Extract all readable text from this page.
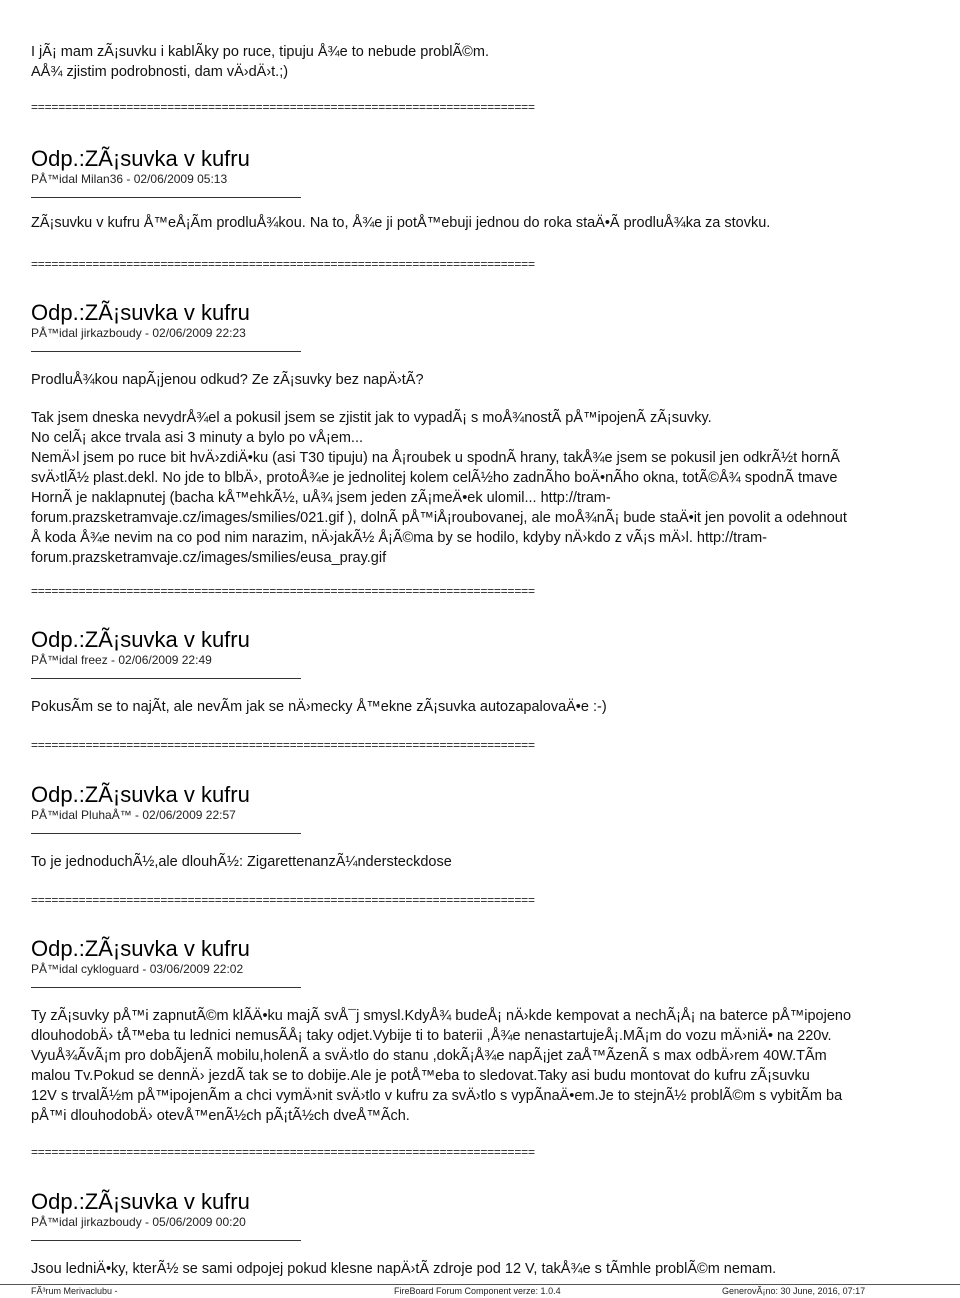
I jÃ¡ mam zÃ¡suvku i kablÃky po ruce, tipuju Å¾e to nebude problÃ©m.
AÅ¾ zjistim podrobnosti, dam vÄ›dÄ›t.;)
==========================================================================
Odp.:ZÃ¡suvka v kufru
PÅ™idal Milan36 - 02/06/2009 05:13
ZÃ¡suvku v kufru Å™eÅ¡Ãm prodluÅ¾kou. Na to, Å¾e ji potÅ™ebuji jednou do roka staÄ•Ã prodluÅ¾ka za stovku.
==========================================================================
Odp.:ZÃ¡suvka v kufru
PÅ™idal jirkazboudy - 02/06/2009 22:23
ProdluÅ¾kou napÃ¡jenou odkud? Ze zÃ¡suvky bez napÄ›tÃ?
Tak jsem dneska nevydrÅ¾el a pokusil jsem se zjistit jak to vypadÃ¡ s moÅ¾nostÃ pÅ™ipojenÃ zÃ¡suvky.
No celÃ¡ akce trvala asi 3 minuty a bylo po vÅ¡em...
NemÄ›l jsem po ruce bit hvÄ›zdiÄ•ku (asi T30 tipuju) na Å¡roubek u spodnÃ hrany, takÅ¾e jsem se pokusil jen odkrÃ½t hornÃ
svÄ›tlÃ½ plast.dekl. No jde to blbÄ›, protoÅ¾e je jednolitej kolem celÃ½ho zadnÃho boÄ•nÃho okna, totÃ©Å¾ spodnÃ tmave
HornÃ je naklapnutej (bacha kÅ™ehkÃ½, uÅ¾ jsem jeden zÃ¡meÄ•ek ulomil... http://tram-
forum.prazsketramvaje.cz/images/smilies/021.gif ), dolnÃ pÅ™iÅ¡roubovanej, ale moÅ¾nÃ¡ bude staÄ•it jen povolit a odehnout
Å koda Å¾e nevim na co pod nim narazim, nÄ›jakÃ½ Å¡Ã©ma by se hodilo, kdyby nÄ›kdo z vÃ¡s mÄ›l. http://tram-
forum.prazsketramvaje.cz/images/smilies/eusa_pray.gif
==========================================================================
Odp.:ZÃ¡suvka v kufru
PÅ™idal freez - 02/06/2009 22:49
PokusÃm se to najÃt, ale nevÃm jak se nÄ›mecky Å™ekne zÃ¡suvka autozapalovaÄ•e :-)
==========================================================================
Odp.:ZÃ¡suvka v kufru
PÅ™idal PluhaÅ™ - 02/06/2009 22:57
To je jednoduchÃ½,ale dlouhÃ½: ZigarettenanzÃ¼ndersteckdose
==========================================================================
Odp.:ZÃ¡suvka v kufru
PÅ™idal cykloguard - 03/06/2009 22:02
Ty zÃ¡suvky pÅ™i zapnutÃ©m klÃÄ•ku majÃ svÅ¯j smysl.KdyÅ¾ budeÅ¡ nÄ›kde kempovat a nechÃ¡Å¡ na baterce pÅ™ipojeno
dlouhodobÄ› tÅ™eba tu lednici nemusÃÅ¡ taky odjet.Vybije ti to baterii ,Å¾e nenastartujeÅ¡.MÃ¡m do vozu mÄ›niÄ• na 220v.
VyuÅ¾ÃvÃ¡m pro dobÃjenÃ mobilu,holenÃ a svÄ›tlo do stanu ,dokÃ¡Å¾e napÃ¡jet zaÅ™ÃzenÃ s max odbÄ›rem 40W.TÃm
malou Tv.Pokud se dennÄ› jezdÃ tak se to dobije.Ale je potÅ™eba to sledovat.Taky asi budu montovat do kufru zÃ¡suvku
12V s trvalÃ½m pÅ™ipojenÃm a chci vymÄ›nit svÄ›tlo v kufru za svÄ›tlo s vypÃnaÄ•em.Je to stejnÃ½ problÃ©m s vybitÃm ba
pÅ™i dlouhodobÄ› otevÅ™enÃ½ch pÃ¡tÃ½ch dveÅ™Ãch.
==========================================================================
Odp.:ZÃ¡suvka v kufru
PÅ™idal jirkazboudy - 05/06/2009 00:20
Jsou ledniÄ•ky, kterÃ½ se sami odpojej pokud klesne napÄ›tÃ zdroje pod 12 V, takÅ¾e s tÃmhle problÃ©m nemam.
FÃ³rum Merivaclubu -	FireBoard Forum Component verze: 1.0.4	GenerovÃ¡no: 30 June, 2016, 07:17
